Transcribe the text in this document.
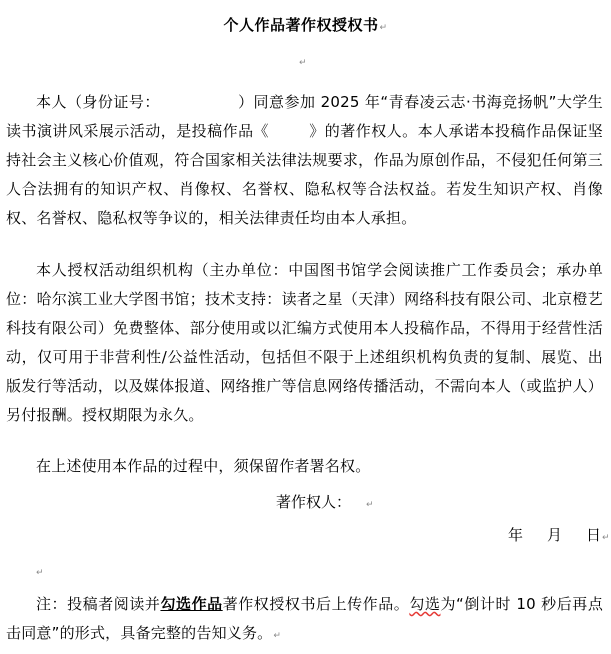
个人作品著作权授权书↵
↵

本人（身份证号：	）同意参加 2025 年“青春凌云志·书海竞扬帆”大学生读书演讲风采展示活动，是投稿作品《	》的著作权人。本人承诺本投稿作品保证坚持社会主义核心价值观，符合国家相关法律法规要求，作品为原创作品，不侵犯任何第三人合法拥有的知识产权、肖像权、名誉权、隐私权等合法权益。若发生知识产权、肖像权、名誉权、隐私权等争议的，相关法律责任均由本人承担。

本人授权活动组织机构（主办单位：中国图书馆学会阅读推广工作委员会；承办单位：哈尔滨工业大学图书馆；技术支持：读者之星（天津）网络科技有限公司、北京橙艺科技有限公司）免费整体、部分使用或以汇编方式使用本人投稿作品，不得用于经营性活动，仅可用于非营利性/公益性活动，包括但不限于上述组织机构负责的复制、展览、出版发行等活动，以及媒体报道、网络推广等信息网络传播活动，不需向本人（或监护人）另付报酬。授权期限为永久。

在上述使用本作品的过程中，须保留作者署名权。

著作权人： ↵
年 月 日↵
↵

注：投稿者阅读并勾选作品著作权授权书后上传作品。勾选为“倒计时 10 秒后再点击同意”的形式，具备完整的告知义务。↵
